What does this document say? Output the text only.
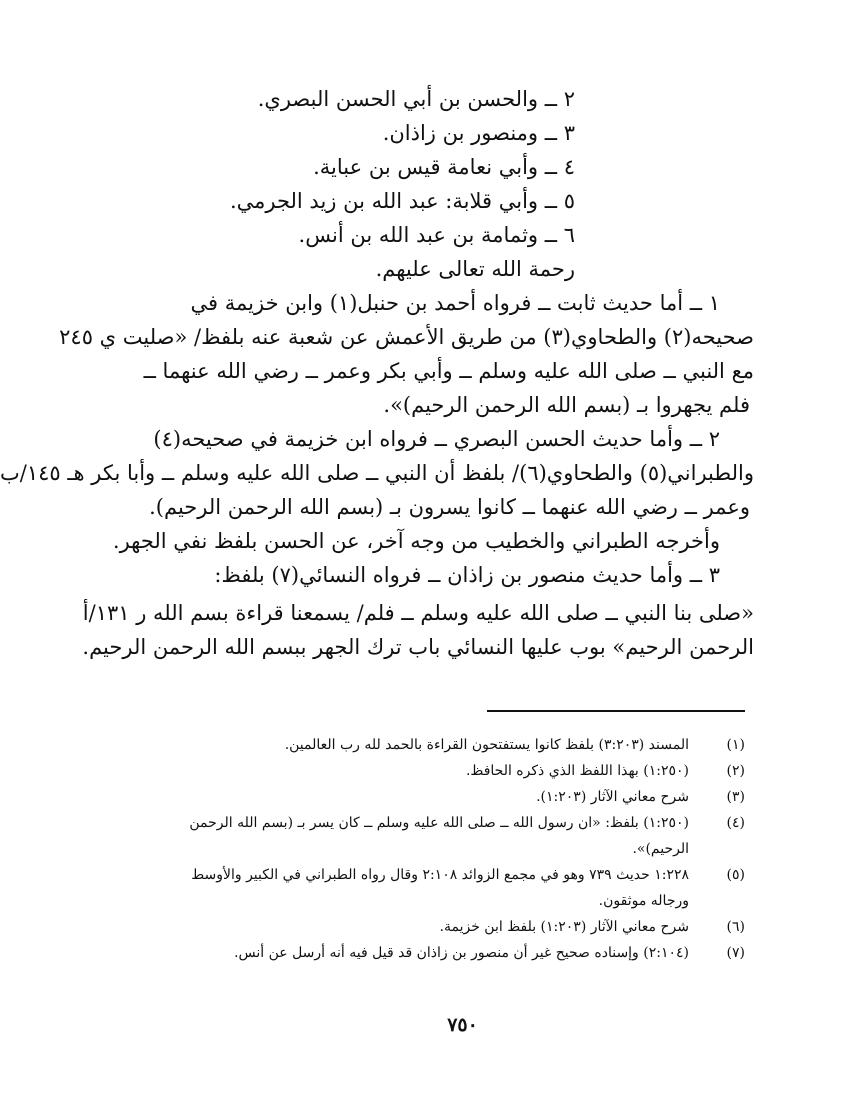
٢ ــ والحسن بن أبي الحسن البصري.
٣ ــ ومنصور بن زاذان.
٤ ــ وأبي نعامة قيس بن عباية.
٥ ــ وأبي قلابة: عبد الله بن زيد الجرمي.
٦ ــ وثمامة بن عبد الله بن أنس.
رحمة الله تعالى عليهم.
١ ــ أما حديث ثابت ــ فرواه أحمد بن حنبل(١) وابن خزيمة في
صحيحه(٢) والطحاوي(٣) من طريق الأعمش عن شعبة عنه بلفظ/ «صليت ي ٢٤٥
مع النبي ــ صلى الله عليه وسلم ــ وأبي بكر وعمر ــ رضي الله عنهما ــ
فلم يجهروا بـ (بسم الله الرحمن الرحيم)».
٢ ــ وأما حديث الحسن البصري ــ فرواه ابن خزيمة في صحيحه(٤)
والطبراني(٥) والطحاوي(٦)/ بلفظ أن النبي ــ صلى الله عليه وسلم ــ وأبا بكر هـ ١٤٥/ب
وعمر ــ رضي الله عنهما ــ كانوا يسرون بـ (بسم الله الرحمن الرحيم).
وأخرجه الطبراني والخطيب من وجه آخر، عن الحسن بلفظ نفي الجهر.
٣ ــ وأما حديث منصور بن زاذان ــ فرواه النسائي(٧) بلفظ:
«صلى بنا النبي ــ صلى الله عليه وسلم ــ فلم/ يسمعنا قراءة بسم الله ر ١٣١/أ
الرحمن الرحيم» بوب عليها النسائي باب ترك الجهر ببسم الله الرحمن الرحيم.
(١)
المسند (٣:٢٠٣) بلفظ كانوا يستفتحون القراءة بالحمد لله رب العالمين.
(٢)
(١:٢٥٠) بهذا اللفظ الذي ذكره الحافظ.
(٣)
شرح معاني الآثار (١:٢٠٣).
(٤)
(١:٢٥٠) بلفظ: «ان رسول الله ــ صلى الله عليه وسلم ــ كان يسر بـ (بسم الله الرحمن
الرحيم)».
(٥)
١:٢٢٨ حديث ٧٣٩ وهو في مجمع الزوائد ٢:١٠٨ وقال رواه الطبراني في الكبير والأوسط
ورجاله موثقون.
(٦)
شرح معاني الآثار (١:٢٠٣) بلفظ ابن خزيمة.
(٧)
(٢:١٠٤) وإسناده صحيح غير أن منصور بن زاذان قد قيل فيه أنه أرسل عن أنس.
٧٥٠
